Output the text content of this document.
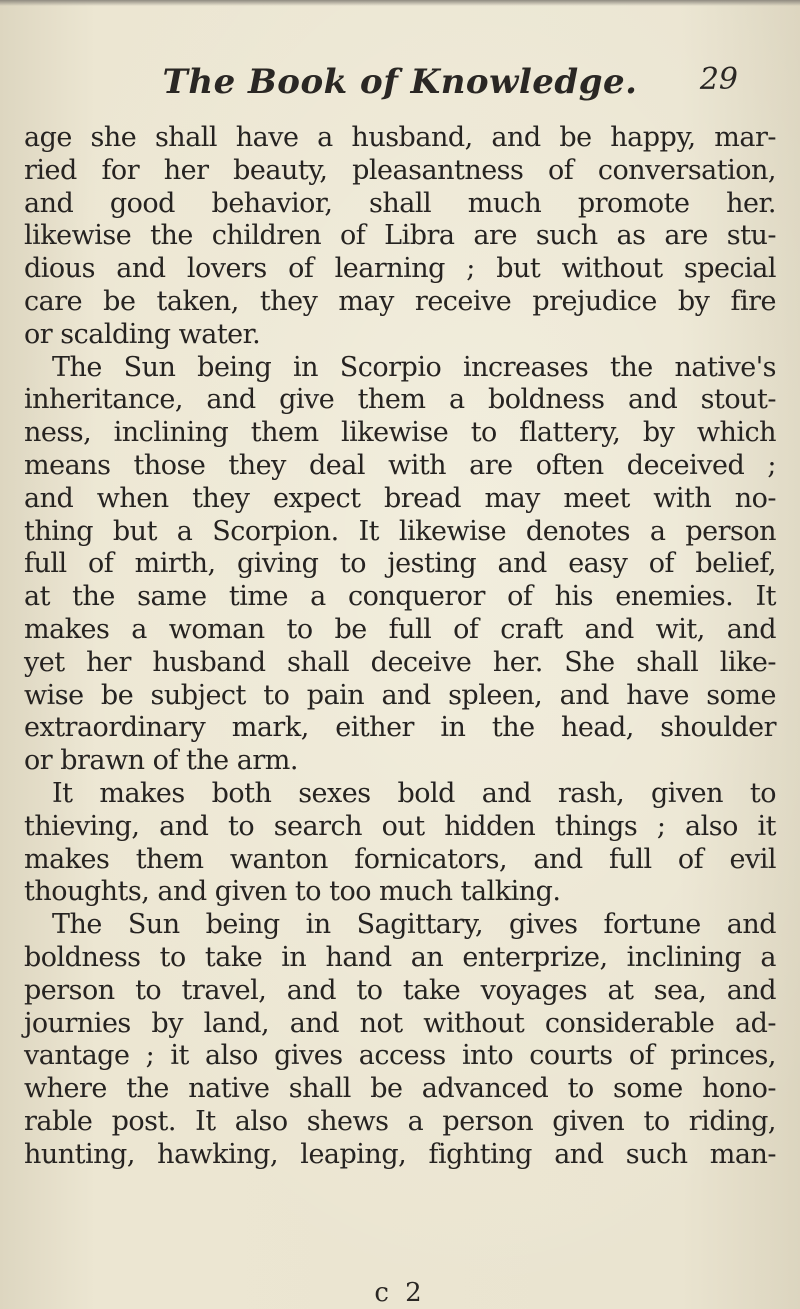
The Book of Knowledge.	29
age she shall have a husband, and be happy, mar-
ried for her beauty, pleasantness of conversation,
and good behavior, shall much promote her.
likewise the children of Libra are such as are stu-
dious and lovers of learning ; but without special
care be taken, they may receive prejudice by fire
or scalding water.
The Sun being in Scorpio increases the native's
inheritance, and give them a boldness and stout-
ness, inclining them likewise to flattery, by which
means those they deal with are often deceived ;
and when they expect bread may meet with no-
thing but a Scorpion. It likewise denotes a person
full of mirth, giving to jesting and easy of belief,
at the same time a conqueror of his enemies. It
makes a woman to be full of craft and wit, and
yet her husband shall deceive her. She shall like-
wise be subject to pain and spleen, and have some
extraordinary mark, either in the head, shoulder
or brawn of the arm.
It makes both sexes bold and rash, given to
thieving, and to search out hidden things ; also it
makes them wanton fornicators, and full of evil
thoughts, and given to too much talking.
The Sun being in Sagittary, gives fortune and
boldness to take in hand an enterprize, inclining a
person to travel, and to take voyages at sea, and
journies by land, and not without considerable ad-
vantage ; it also gives access into courts of princes,
where the native shall be advanced to some hono-
rable post. It also shews a person given to riding,
hunting, hawking, leaping, fighting and such man-
c 2
